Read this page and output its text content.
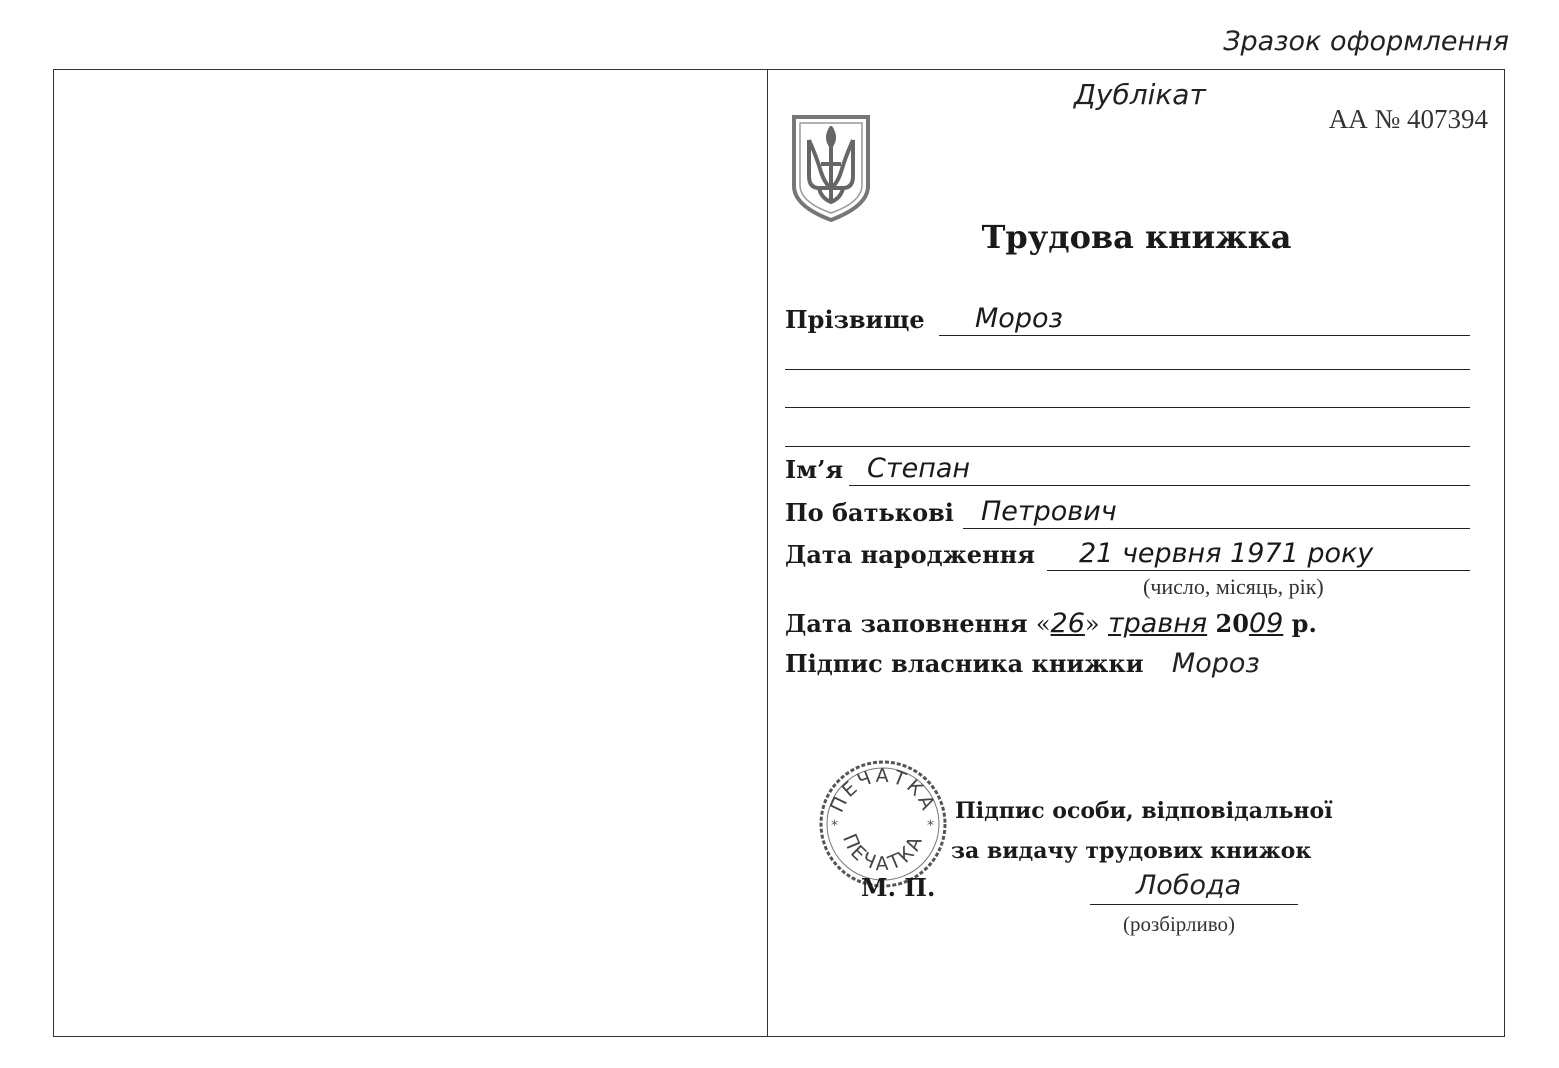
Зразок оформлення
Дублікат
АА № 407394
Трудова книжка
Прізвище Мороз
Ім’я Степан
По батькові Петрович
Дата народження 21 червня 1971 року
(число, місяць, рік)
Дата заповнення «26» травня 2009 р.
Підпис власника книжки Мороз
ПЕЧАТКА
ПЕЧАТКА
*	*
Підпис особи, відповідальної
за видачу трудових книжок
М. П.	Лобода
(розбірливо)
